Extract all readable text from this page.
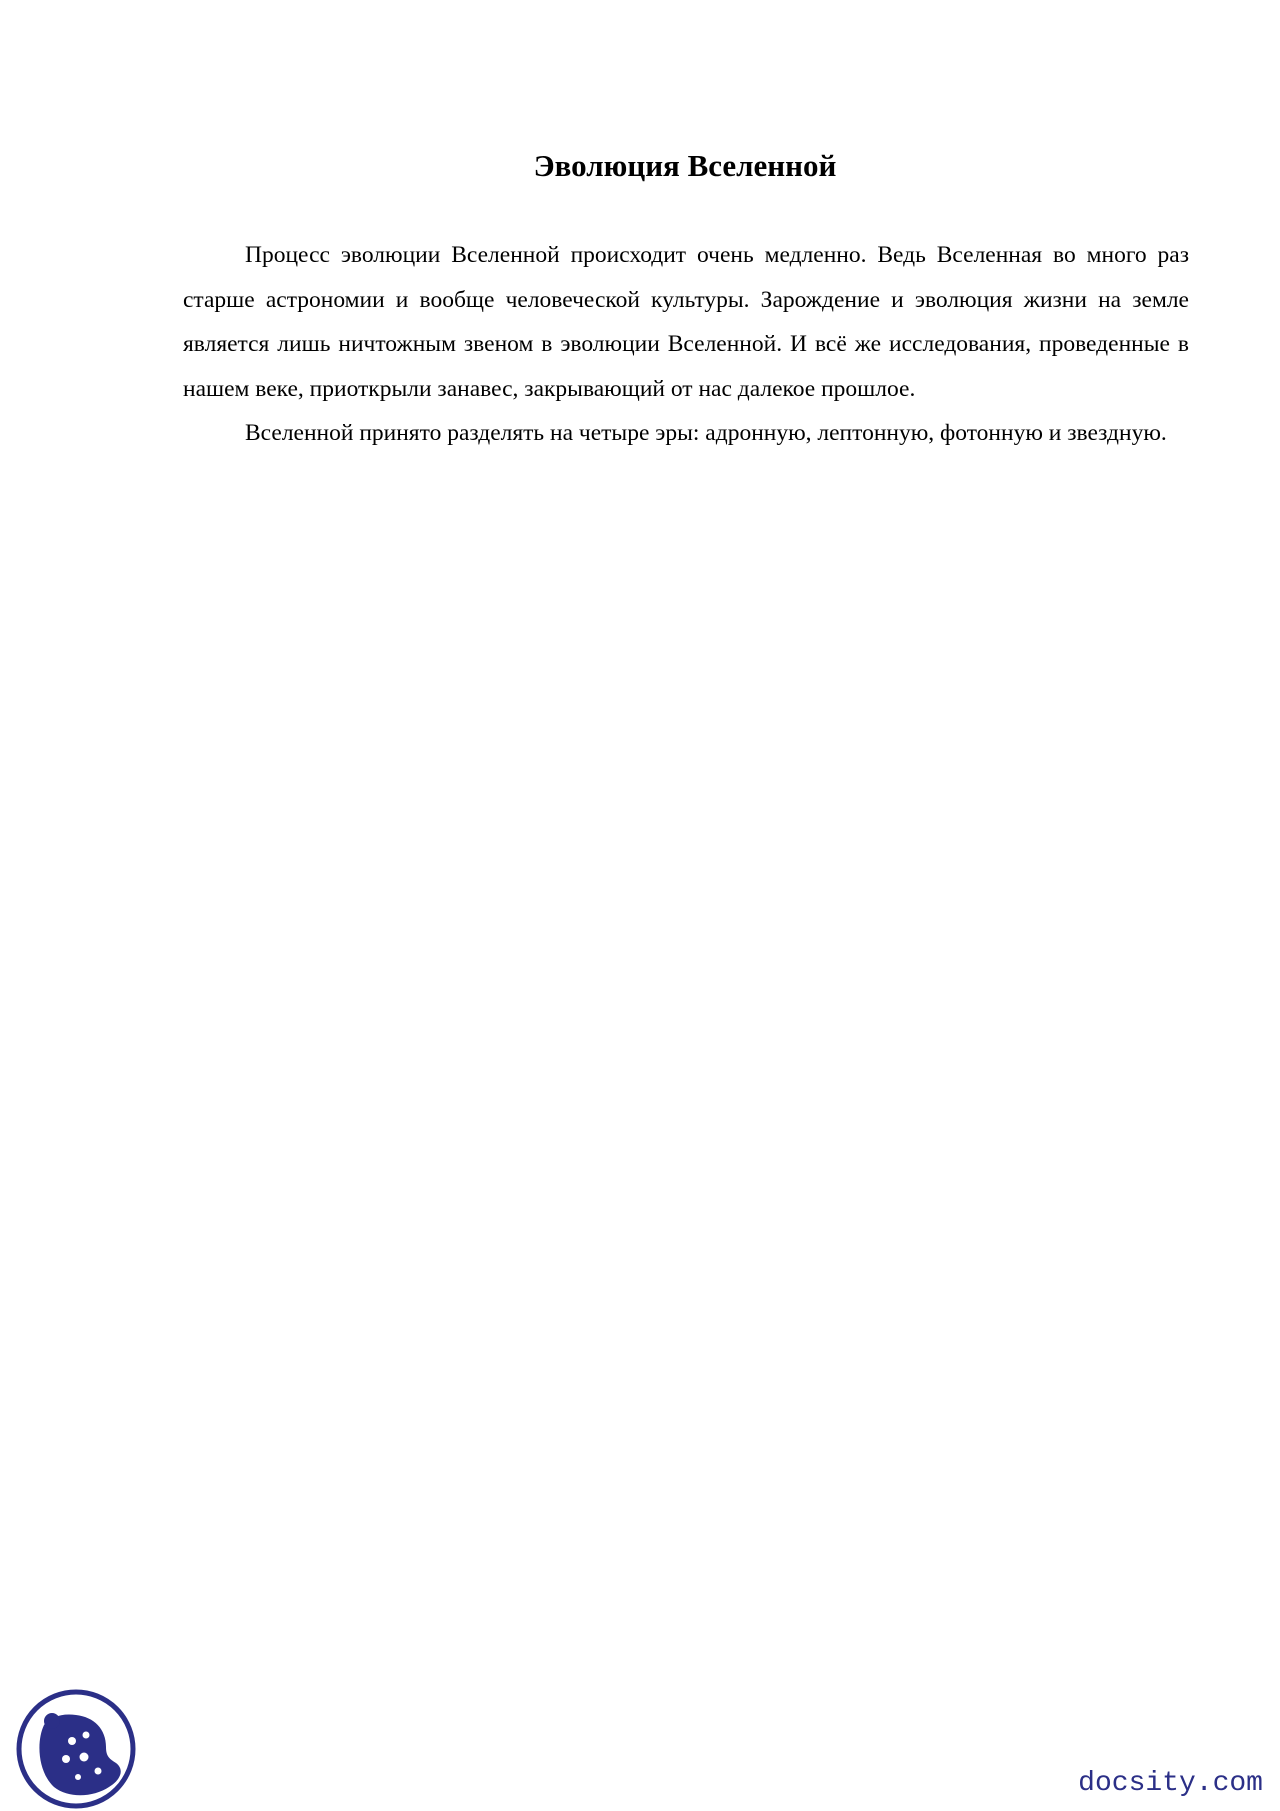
Эволюция Вселенной

Процесс эволюции Вселенной происходит очень медленно. Ведь Вселенная во много раз старше астрономии и вообще человеческой культуры. Зарождение и эволюция жизни на земле является лишь ничтожным звеном в эволюции Вселенной. И всё же исследования, проведенные в нашем веке, приоткрыли занавес, закрывающий от нас далекое прошлое.

Вселенной принято разделять на четыре эры: адронную, лептонную, фотонную и звездную.

docsity.com
